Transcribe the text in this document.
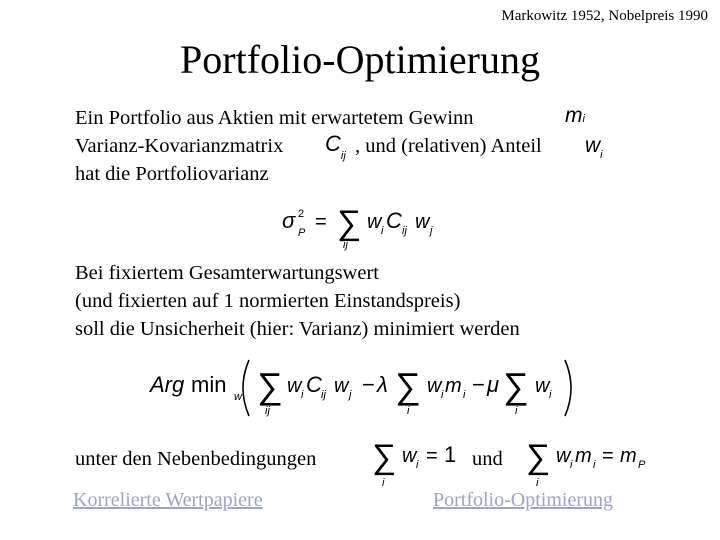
Markowitz 1952, Nobelpreis 1990
Portfolio-Optimierung
Ein Portfolio aus Aktien mit erwartetem Gewinn
Varianz-Kovarianzmatrix	, und (relativen) Anteil
hat die Portfoliovarianz
mi
$C_{ij}$	$w_i$
σ 2
P = ∑
ij
w i C ij w j
Bei fixiertem Gesamterwartungswert
(und fixierten auf 1 normierten Einstandspreis)
soll die Unsicherheit (hier: Varianz) minimiert werden
Arg min w ∑
ij
w i C ij w j − λ ∑
i
w i m i − μ ∑
i
w i
unter den Nebenbedingungen ∑
i
w i = 1 und ∑
i
w i m i = m P
Korrelierte Wertpapiere	Portfolio-Optimierung
